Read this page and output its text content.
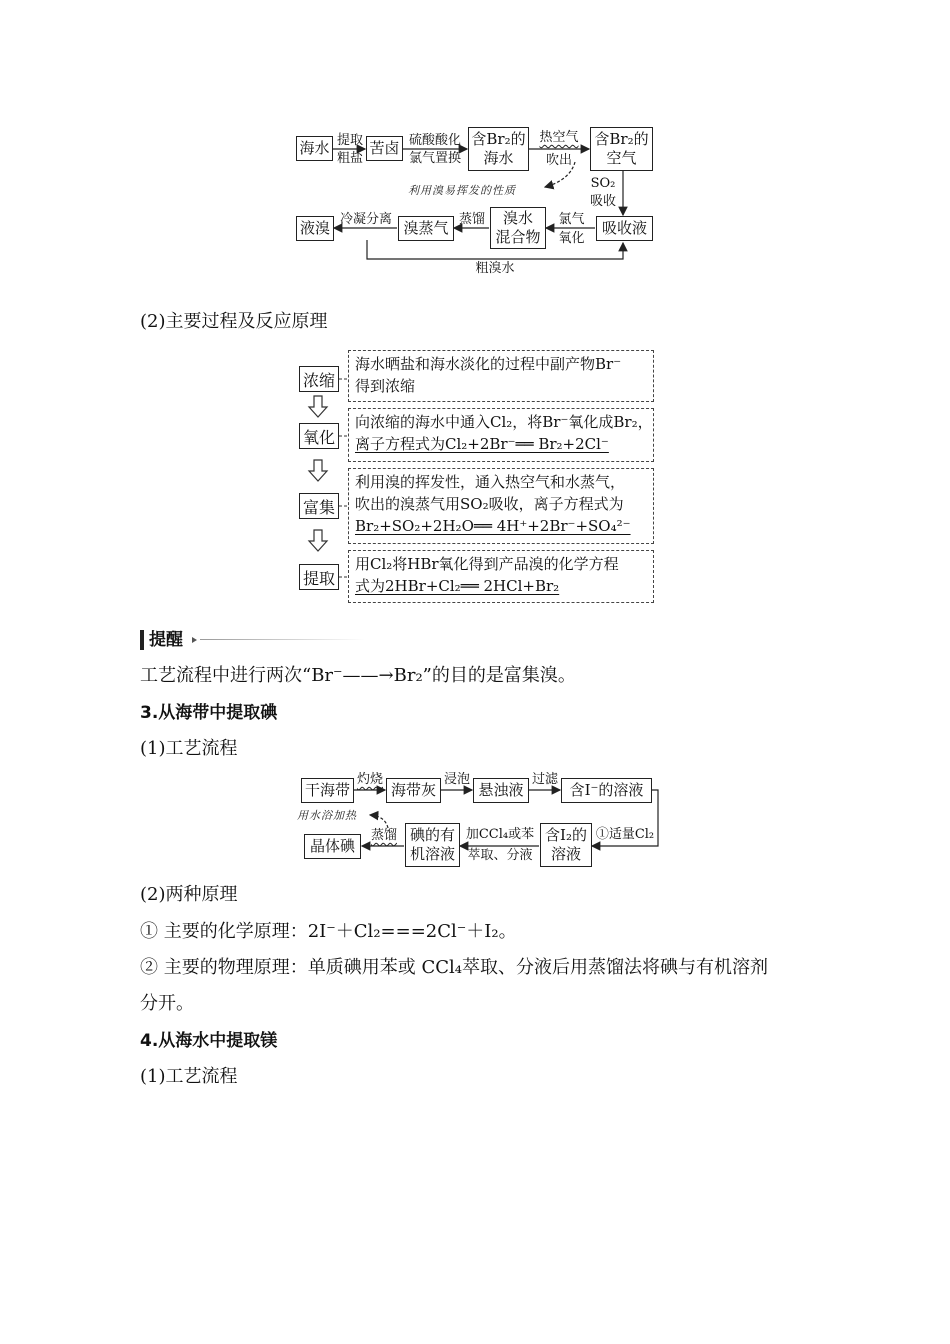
海水	苦卤	含Br₂的
海水
含Br₂的
空气
吸收液
溴水
混合物
溴蒸气
液溴
提取
粗盐
硫酸酸化
氯气置换
热空气
吹出
SO₂
吸收
氯气
氧化
蒸馏
冷凝分离
粗溴水
利用溴易挥发的性质
(2)主要过程及反应原理
浓缩
海水晒盐和海水淡化的过程中副产物Br⁻
得到浓缩
氧化
向浓缩的海水中通入Cl₂，将Br⁻氧化成Br₂，
离子方程式为Cl₂+2Br⁻══ Br₂+2Cl⁻
富集
利用溴的挥发性，通入热空气和水蒸气，
吹出的溴蒸气用SO₂吸收，离子方程式为
Br₂+SO₂+2H₂O══ 4H⁺+2Br⁻+SO₄²⁻
提取
用Cl₂将HBr氧化得到产品溴的化学方程
式为2HBr+Cl₂══ 2HCl+Br₂
提醒
工艺流程中进行两次“Br⁻——→Br₂”的目的是富集溴。
3.从海带中提取碘
(1)工艺流程
干海带	海带灰	悬浊液	含I⁻的溶液
含I₂的
溶液
碘的有
机溶液
晶体碘
灼烧	浸泡	过滤
①适量Cl₂
加CCl₄或苯
萃取、分液
蒸馏
用水浴加热
(2)两种原理
① 主要的化学原理：2I⁻＋Cl₂===2Cl⁻＋I₂。
② 主要的物理原理：单质碘用苯或 CCl₄萃取、分液后用蒸馏法将碘与有机溶剂
分开。
4.从海水中提取镁
(1)工艺流程
